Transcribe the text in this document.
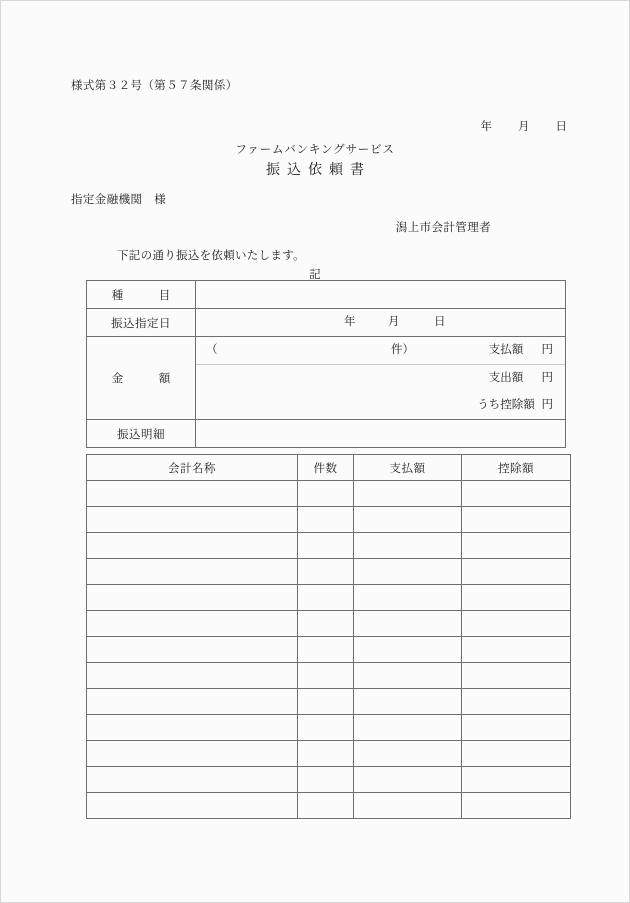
様式第３２号（第５７条関係）
年 月 日
ファームバンキングサービス
振込依頼書
指定金融機関　様
潟上市会計管理者
下記の通り振込を依頼いたします。
記
種　目	
振込指定日	年 月 日

金　額	
（	件）	支払額	円
支出額	円
うち控除額 円

振込明細	
会計名称	件数	支払額	控除額
